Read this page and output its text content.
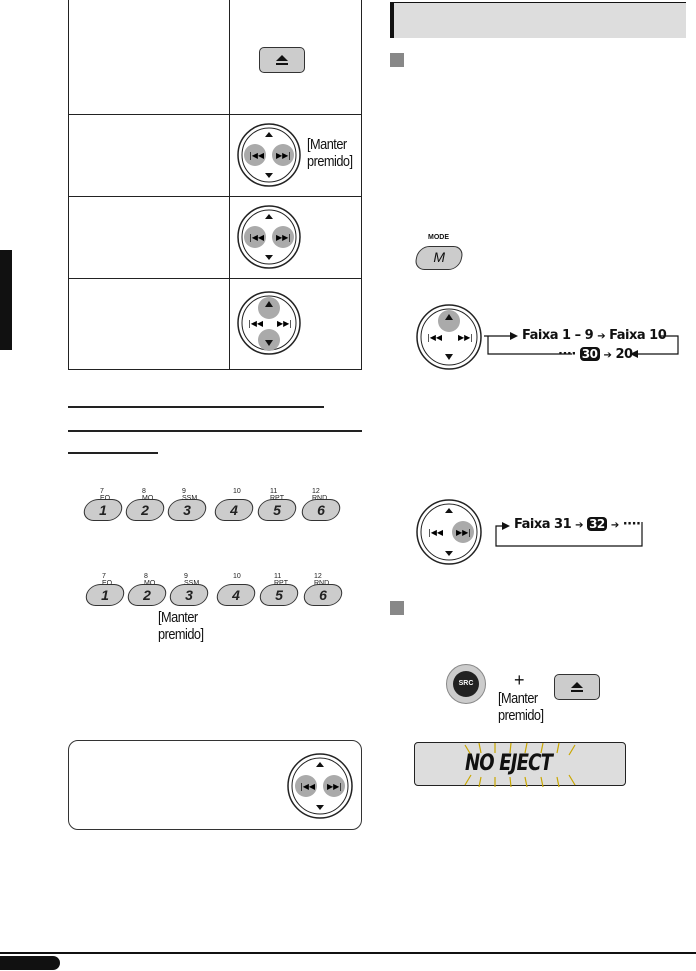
|◀◀ ▶▶|
[Manter
premido]
|◀◀ ▶▶|
|◀◀ ▶▶|
7	8	9	10	11	12
1	2	3	4	5	6
7	8	9	10	11	12
1	2	3	4	5	6
[Manter premido]
|◀◀ ▶▶|
MODE
M
|◀◀ ▶▶|	Faixa 1 – 9 ➔ Faixa 10
···· 30 ➔ 20
|◀◀ ▶▶|
Faixa 31 ➔ 32 ➔ ····
SRC	+
[Manter
premido]
NO EJECT
